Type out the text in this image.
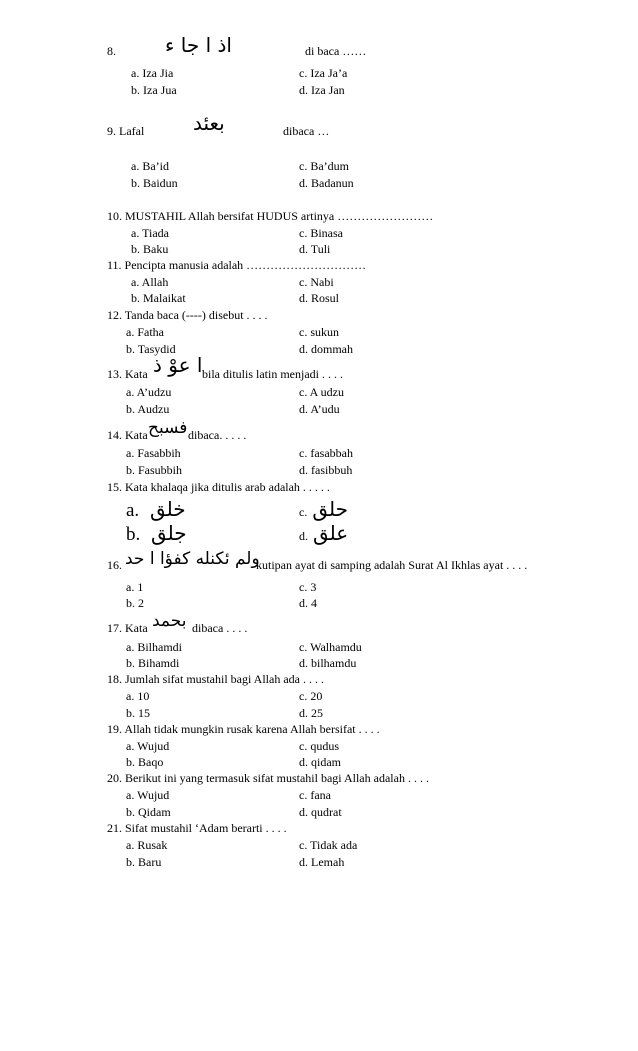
8. اذ ا جا ء	di baca ……
a. Iza Jia	c. Iza Ja’a
b. Iza Jua	d. Iza Jan
9. Lafal بعئد	dibaca …
a. Ba’id	c. Ba’dum
b. Baidun	d. Badanun
10. MUSTAHIL Allah bersifat HUDUS artinya ……………………
a. Tiada	c. Binasa
b. Baku	d. Tuli
11. Pencipta manusia adalah …………………………
a. Allah	c. Nabi
b. Malaikat	d. Rosul
12. Tanda baca (----) disebut . . . .
a. Fatha	c. sukun
b. Tasydid	d. dommah
13. Kata ا عوْ ذ bila ditulis latin menjadi . . . .
a. A’udzu	c. A udzu
b. Audzu	d. A’udu
14. Kata فسبح dibaca. . . . .
a. Fasabbih	c. fasabbah
b. Fasubbih	d. fasibbuh
15. Kata khalaqa jika ditulis arab adalah . . . . .
a. خلق	c. حلق
b. جلق	d. علق
16. ولم ئكنله كفؤا ا حد
kutipan ayat di samping adalah Surat Al Ikhlas ayat . . . .
a. 1	c. 3
b. 2	d. 4
17. Kata بحمد dibaca . . . .
a. Bilhamdi	c. Walhamdu
b. Bihamdi	d. bilhamdu
18. Jumlah sifat mustahil bagi Allah ada . . . .
a. 10	c. 20
b. 15	d. 25
19. Allah tidak mungkin rusak karena Allah bersifat . . . .
a. Wujud	c. qudus
b. Baqo	d. qidam
20. Berikut ini yang termasuk sifat mustahil bagi Allah adalah . . . .
a. Wujud	c. fana
b. Qidam	d. qudrat
21. Sifat mustahil ‘Adam berarti . . . .
a. Rusak	c. Tidak ada
b. Baru	d. Lemah
